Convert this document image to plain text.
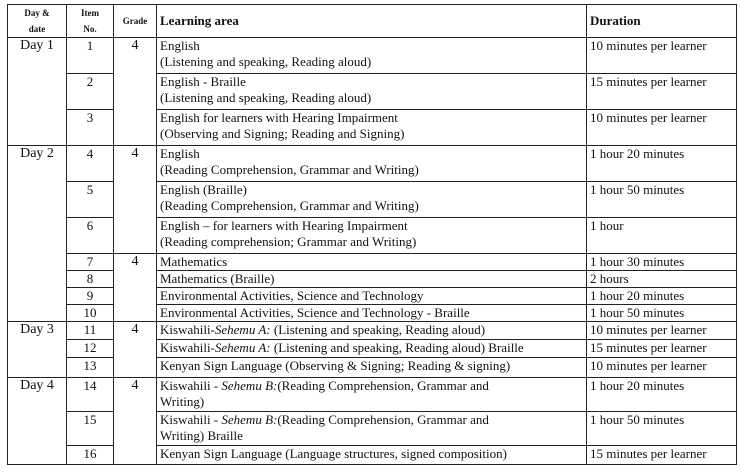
Day &
date	Item
No.	Grade	Learning area	Duration
Day 1	1	4	English
(Listening and speaking, Reading aloud)	10 minutes per learner
	2		English - Braille
(Listening and speaking, Reading aloud)	15 minutes per learner
	3		English for learners with Hearing Impairment
(Observing and Signing; Reading and Signing)	10 minutes per learner
Day 2	4	4	English
(Reading Comprehension, Grammar and Writing)	1 hour 20 minutes
	5		English (Braille)
(Reading Comprehension, Grammar and Writing)	1 hour 50 minutes
	6		English – for learners with Hearing Impairment
(Reading comprehension; Grammar and Writing)	1 hour
	7	4	Mathematics	1 hour 30 minutes
	8		Mathematics (Braille)	2 hours
	9		Environmental Activities, Science and Technology	1 hour 20 minutes
	10		Environmental Activities, Science and Technology - Braille	1 hour 50 minutes
Day 3	11	4	Kiswahili-Sehemu A: (Listening and speaking, Reading aloud)	10 minutes per learner
	12		Kiswahili-Sehemu A: (Listening and speaking, Reading aloud) Braille	15 minutes per learner
	13		Kenyan Sign Language (Observing & Signing; Reading & signing)	10 minutes per learner
Day 4	14	4	Kiswahili - Sehemu B:(Reading Comprehension, Grammar and
Writing)	1 hour 20 minutes
	15		Kiswahili - Sehemu B:(Reading Comprehension, Grammar and
Writing) Braille	1 hour 50 minutes
	16		Kenyan Sign Language (Language structures, signed composition)	15 minutes per learner
